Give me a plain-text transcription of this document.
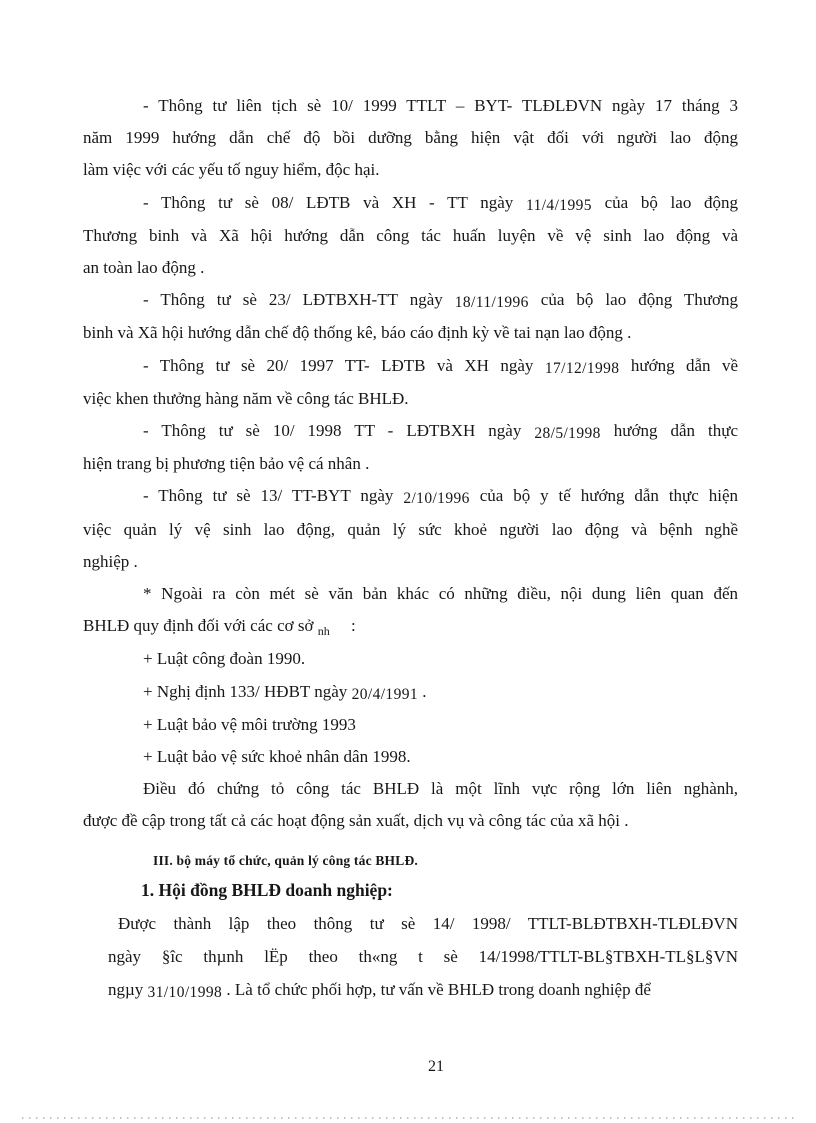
- Thông tư liên tịch sè 10/ 1999 TTLT – BYT- TLĐLĐVN ngày 17 tháng 3
năm 1999 hướng dẫn chế độ bồi dưỡng bằng hiện vật đối với người lao động
làm việc với các yếu tố nguy hiểm, độc hại.
- Thông tư sè 08/ LĐTB và XH - TT ngày 11/4/1995 của bộ lao động
Thương binh và Xã hội hướng dẫn công tác huấn luyện về vệ sinh lao động và
an toàn lao động .
- Thông tư sè 23/ LĐTBXH-TT ngày 18/11/1996 của bộ lao động Thương
binh và Xã hội hướng dẫn chế độ thống kê, báo cáo định kỳ về tai nạn lao động .
- Thông tư sè 20/ 1997 TT- LĐTB và XH ngày 17/12/1998 hướng dẫn về
việc khen thưởng hàng năm về công tác BHLĐ.
- Thông tư sè 10/ 1998 TT - LĐTBXH ngày 28/5/1998 hướng dẫn thực
hiện trang bị phương tiện bảo vệ cá nhân .
- Thông tư sè 13/ TT-BYT ngày 2/10/1996 của bộ y tế hướng dẫn thực hiện
việc quản lý vệ sinh lao động, quản lý sức khoẻ người lao động và bệnh nghề
nghiệp .
* Ngoài ra còn mét sè văn bản khác có những điều, nội dung liên quan đến
BHLĐ quy định đối với các cơ sở $_{nh}$     :
+ Luật công đoàn 1990.
+ Nghị định 133/ HĐBT ngày 20/4/1991 .
+ Luật bảo vệ môi trường 1993
+ Luật bảo vệ sức khoẻ nhân dân 1998.
Điều đó chứng tỏ công tác BHLĐ là một lĩnh vực rộng lớn liên nghành,
được đề cập trong tất cả các hoạt động sản xuất, dịch vụ và công tác của xã hội .
III. bộ máy tổ chức, quản lý công tác BHLĐ.
1. Hội đồng BHLĐ doanh nghiệp:
Được thành lập theo thông tư sè 14/ 1998/ TTLT-BLĐTBXH-TLĐLĐVN
ngày §îc thµnh lËp theo th«ng t sè 14/1998/TTLT-BL§TBXH-TL§L§VN
ngµy 31/10/1998 . Là tổ chức phối hợp, tư vấn về BHLĐ trong doanh nghiệp để
21
